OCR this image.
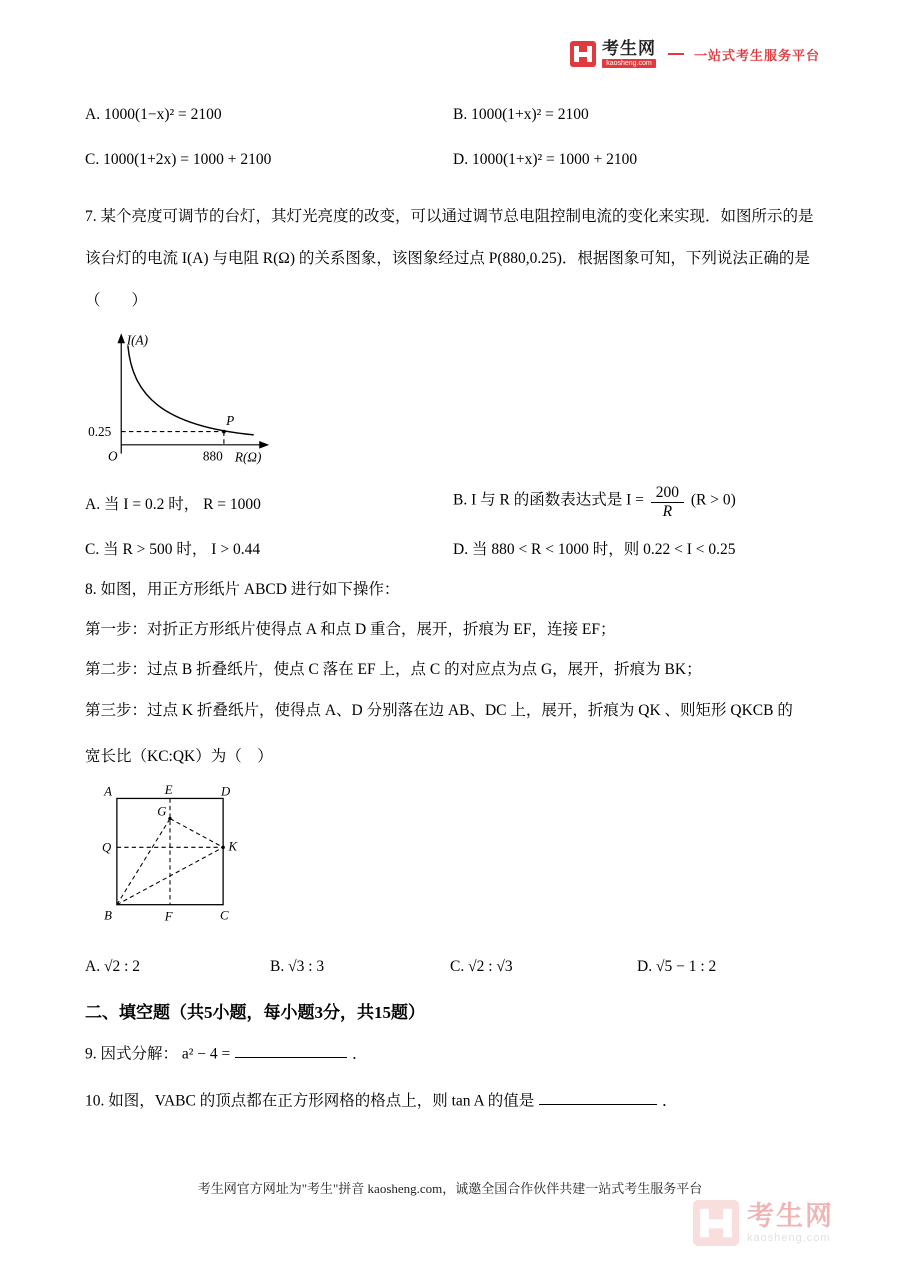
考生网
kaosheng.com
一站式考生服务平台
A. 1000(1−x)² = 2100	B. 1000(1+x)² = 2100
C. 1000(1+2x) = 1000 + 2100	D. 1000(1+x)² = 1000 + 2100
7. 某个亮度可调节的台灯，其灯光亮度的改变，可以通过调节总电阻控制电流的变化来实现．如图所示的是该台灯的电流 I(A) 与电阻 R(Ω) 的关系图象，该图象经过点 P(880,0.25)．根据图象可知，下列说法正确的是（　　）
I(A)
0.25
P
O	880 R(Ω)
A. 当 I = 0.2 时， R = 1000	B. I 与 R 的函数表达式是 $I = \frac{200}{R} (R > 0)$
C. 当 R > 500 时， I > 0.44	D. 当 880 < R < 1000 时，则 0.22 < I < 0.25
8. 如图，用正方形纸片 ABCD 进行如下操作：
第一步：对折正方形纸片使得点 A 和点 D 重合，展开，折痕为 EF，连接 EF；
第二步：过点 B 折叠纸片，使点 C 落在 EF 上，点 C 的对应点为点 G，展开，折痕为 BK；
第三步：过点 K 折叠纸片，使得点 A、D 分别落在边 AB、DC 上，展开，折痕为 QK 、则矩形 QKCB 的
宽长比（KC:QK）为（　）
A	E	D
G
Q	K
B	F	C
A. √2 : 2	B. √3 : 3	C. √2 : √3	D. √5 − 1 : 2
二、填空题（共5小题，每小题3分，共15题）
9. 因式分解： a² − 4 =	．
10. 如图，VABC 的顶点都在正方形网格的格点上，则 tan A 的值是	．
考生网官方网址为"考生"拼音 kaosheng.com，诚邀全国合作伙伴共建一站式考生服务平台
考生网
kaosheng.com
